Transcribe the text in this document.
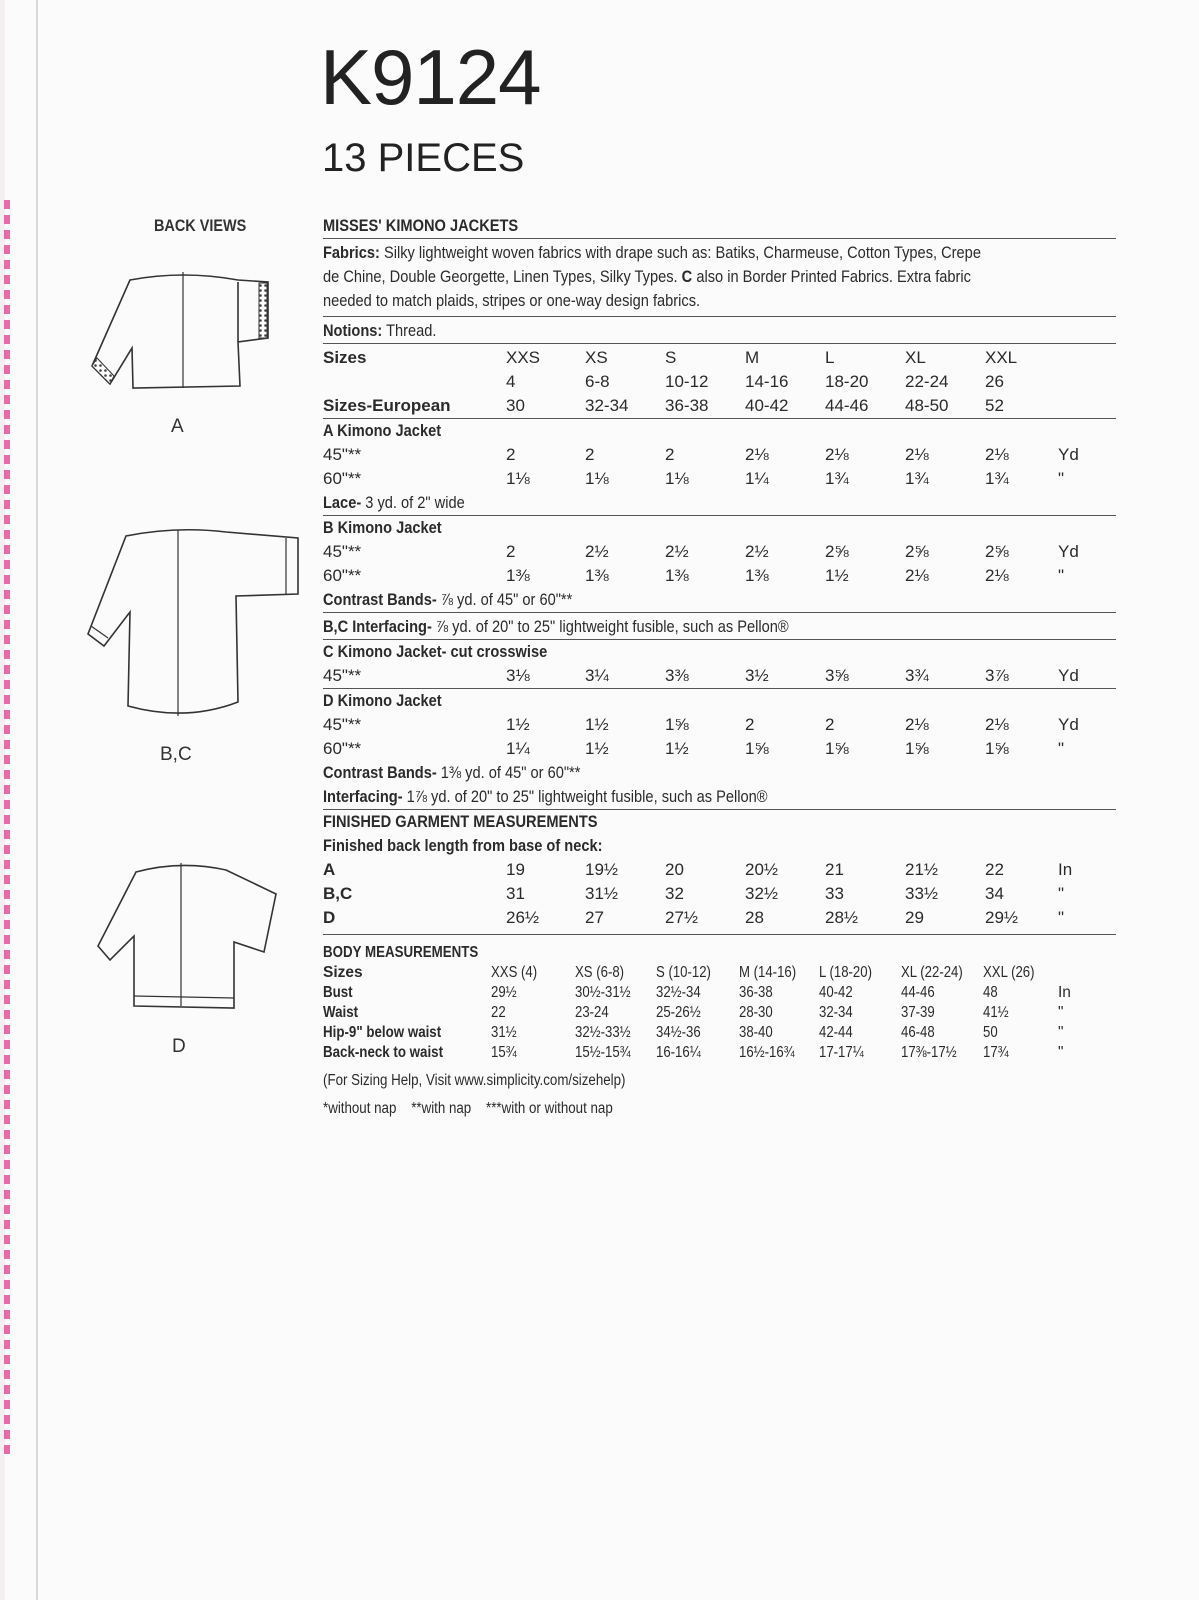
K9124
13 PIECES
BACK VIEWS
A
B,C
D
MISSES' KIMONO JACKETS
Fabrics: Silky lightweight woven fabrics with drape such as: Batiks, Charmeuse, Cotton Types, Crepe
de Chine, Double Georgette, Linen Types, Silky Types. C also in Border Printed Fabrics. Extra fabric
needed to match plaids, stripes or one-way design fabrics.
Notions: Thread.
Sizes	XXS	XS	S	M	L	XL	XXL
4	6-8	10-12 14-16 18-20 22-24 26
Sizes-European	30	32-34 36-38 40-42 44-46 48-50 52
A Kimono Jacket
45"**	2	2	2	2⅛	2⅛	2⅛	2⅛	Yd
60"**	1⅛	1⅛	1⅛	1¼	1¾	1¾	1¾	"
Lace- 3 yd. of 2" wide
B Kimono Jacket
45"**	2	2½	2½	2½	2⅝	2⅝	2⅝	Yd
60"**	1⅜	1⅜	1⅜	1⅜	1½	2⅛	2⅛	"
Contrast Bands- ⅞ yd. of 45" or 60"**
B,C Interfacing- ⅞ yd. of 20" to 25" lightweight fusible, such as Pellon®
C Kimono Jacket- cut crosswise
45"**	3⅛	3¼	3⅜	3½	3⅝	3¾	3⅞	Yd
D Kimono Jacket
45"**	1½	1½	1⅝	2	2	2⅛	2⅛	Yd
60"**	1¼	1½	1½	1⅝	1⅝	1⅝	1⅝	"
Contrast Bands- 1⅜ yd. of 45" or 60"**
Interfacing- 1⅞ yd. of 20" to 25" lightweight fusible, such as Pellon®
FINISHED GARMENT MEASUREMENTS
Finished back length from base of neck:
A	19	19½	20	20½	21	21½	22	In
B,C	31	31½	32	32½	33	33½	34	"
D	26½	27	27½	28	28½	29	29½ "
BODY MEASUREMENTS
Sizes	XXS (4) XS (6-8) S (10-12) M (14-16) L (18-20) XL (22-24) XXL (26)
Bust	29½	30½-31½ 32½-34 36-38	40-42	44-46	48	In
Waist	22	23-24	25-26½ 28-30	32-34	37-39	41½	"
Hip-9" below waist	31½	32½-33½ 34½-36 38-40	42-44	46-48	50	"
Back-neck to waist	15¾	15½-15¾ 16-16¼ 16½-16¾ 17-17¼ 17⅜-17½ 17¾	"
(For Sizing Help, Visit www.simplicity.com/sizehelp)
*without nap **with nap ***with or without nap
